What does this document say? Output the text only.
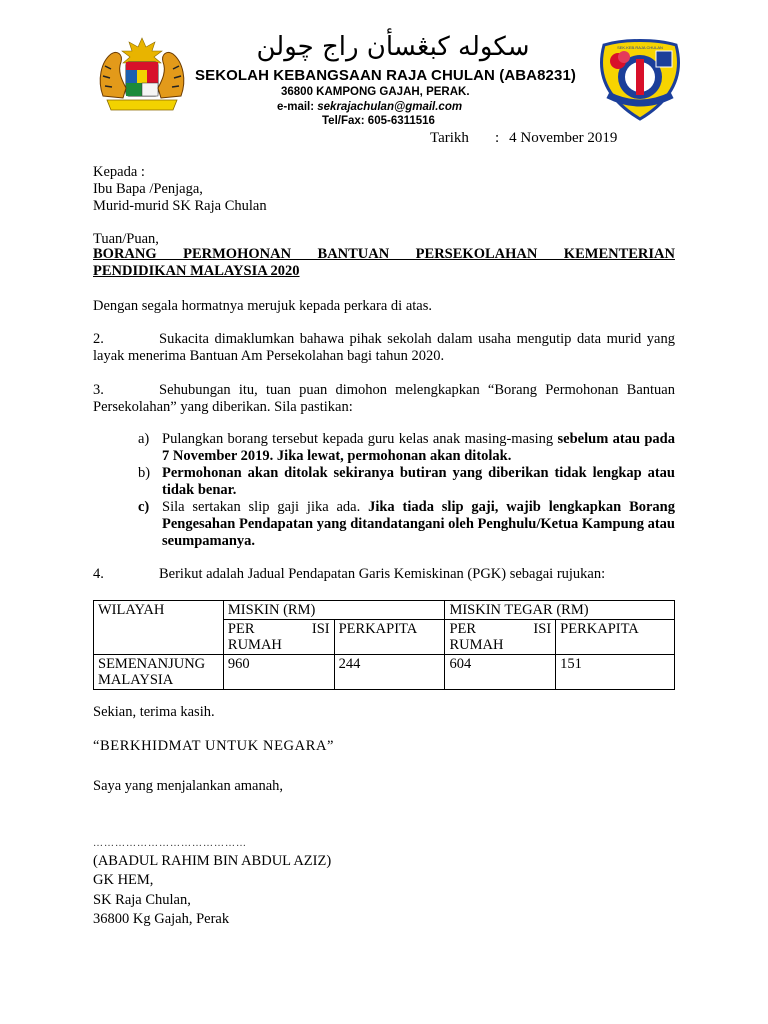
سكوله كبڠسأن راج چولن
SEKOLAH KEBANGSAAN RAJA CHULAN (ABA8231)
36800 KAMPONG GAJAH, PERAK.
e-mail: sekrajachulan@gmail.com
Tel/Fax: 605-6311516
SEK.KEB.RAJA CHULAN
Tarikh : 4 November 2019
Kepada :
Ibu Bapa /Penjaga,
Murid-murid SK Raja Chulan
Tuan/Puan,
BORANG PERMOHONAN BANTUAN PERSEKOLAHAN KEMENTERIAN PENDIDIKAN MALAYSIA 2020
Dengan segala hormatnya merujuk kepada perkara di atas.
2.	Sukacita dimaklumkan bahawa pihak sekolah dalam usaha mengutip data murid yang layak menerima Bantuan Am Persekolahan bagi tahun 2020.
3.	Sehubungan itu, tuan puan dimohon melengkapkan “Borang Permohonan Bantuan Persekolahan” yang diberikan. Sila pastikan:
a) Pulangkan borang tersebut kepada guru kelas anak masing-masing sebelum atau pada 7 November 2019. Jika lewat, permohonan akan ditolak.
b) Permohonan akan ditolak sekiranya butiran yang diberikan tidak lengkap atau tidak benar.
c) Sila sertakan slip gaji jika ada. Jika tiada slip gaji, wajib lengkapkan Borang Pengesahan Pendapatan yang ditandatangani oleh Penghulu/Ketua Kampung atau seumpamanya.
4.	Berikut adalah Jadual Pendapatan Garis Kemiskinan (PGK) sebagai rujukan:
WILAYAH	MISKIN (RM)		MISKIN TEGAR (RM)	
	PER ISI RUMAH	PERKAPITA	PER ISI RUMAH	PERKAPITA
SEMENANJUNG MALAYSIA	960	244	604	151
Sekian, terima kasih.
“BERKHIDMAT UNTUK NEGARA”
Saya yang menjalankan amanah,
……………………………………
(ABADUL RAHIM BIN ABDUL AZIZ)
GK HEM,
SK Raja Chulan,
36800 Kg Gajah, Perak
